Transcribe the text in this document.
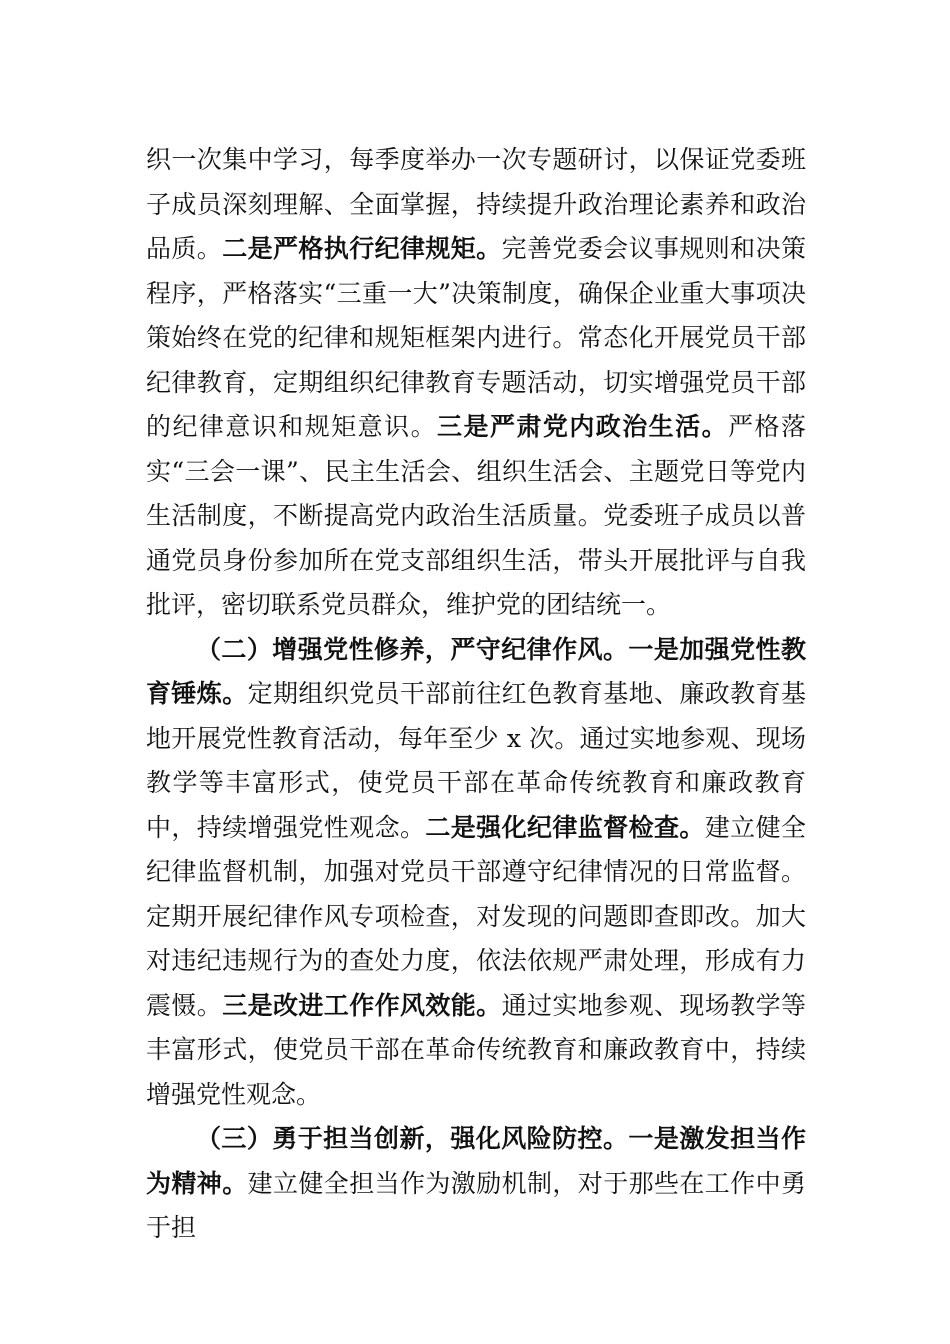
织一次集中学习，每季度举办一次专题研讨，以保证党委班子成员深刻理解、全面掌握，持续提升政治理论素养和政治品质。二是严格执行纪律规矩。完善党委会议事规则和决策程序，严格落实“三重一大”决策制度，确保企业重大事项决策始终在党的纪律和规矩框架内进行。常态化开展党员干部纪律教育，定期组织纪律教育专题活动，切实增强党员干部的纪律意识和规矩意识。三是严肃党内政治生活。严格落实“三会一课”、民主生活会、组织生活会、主题党日等党内生活制度，不断提高党内政治生活质量。党委班子成员以普通党员身份参加所在党支部组织生活，带头开展批评与自我批评，密切联系党员群众，维护党的团结统一。

（二）增强党性修养，严守纪律作风。一是加强党性教育锤炼。定期组织党员干部前往红色教育基地、廉政教育基地开展党性教育活动，每年至少 x 次。通过实地参观、现场教学等丰富形式，使党员干部在革命传统教育和廉政教育中，持续增强党性观念。二是强化纪律监督检查。建立健全纪律监督机制，加强对党员干部遵守纪律情况的日常监督。定期开展纪律作风专项检查，对发现的问题即查即改。加大对违纪违规行为的查处力度，依法依规严肃处理，形成有力震慑。三是改进工作作风效能。通过实地参观、现场教学等丰富形式，使党员干部在革命传统教育和廉政教育中，持续增强党性观念。

（三）勇于担当创新，强化风险防控。一是激发担当作为精神。建立健全担当作为激励机制，对于那些在工作中勇于担
